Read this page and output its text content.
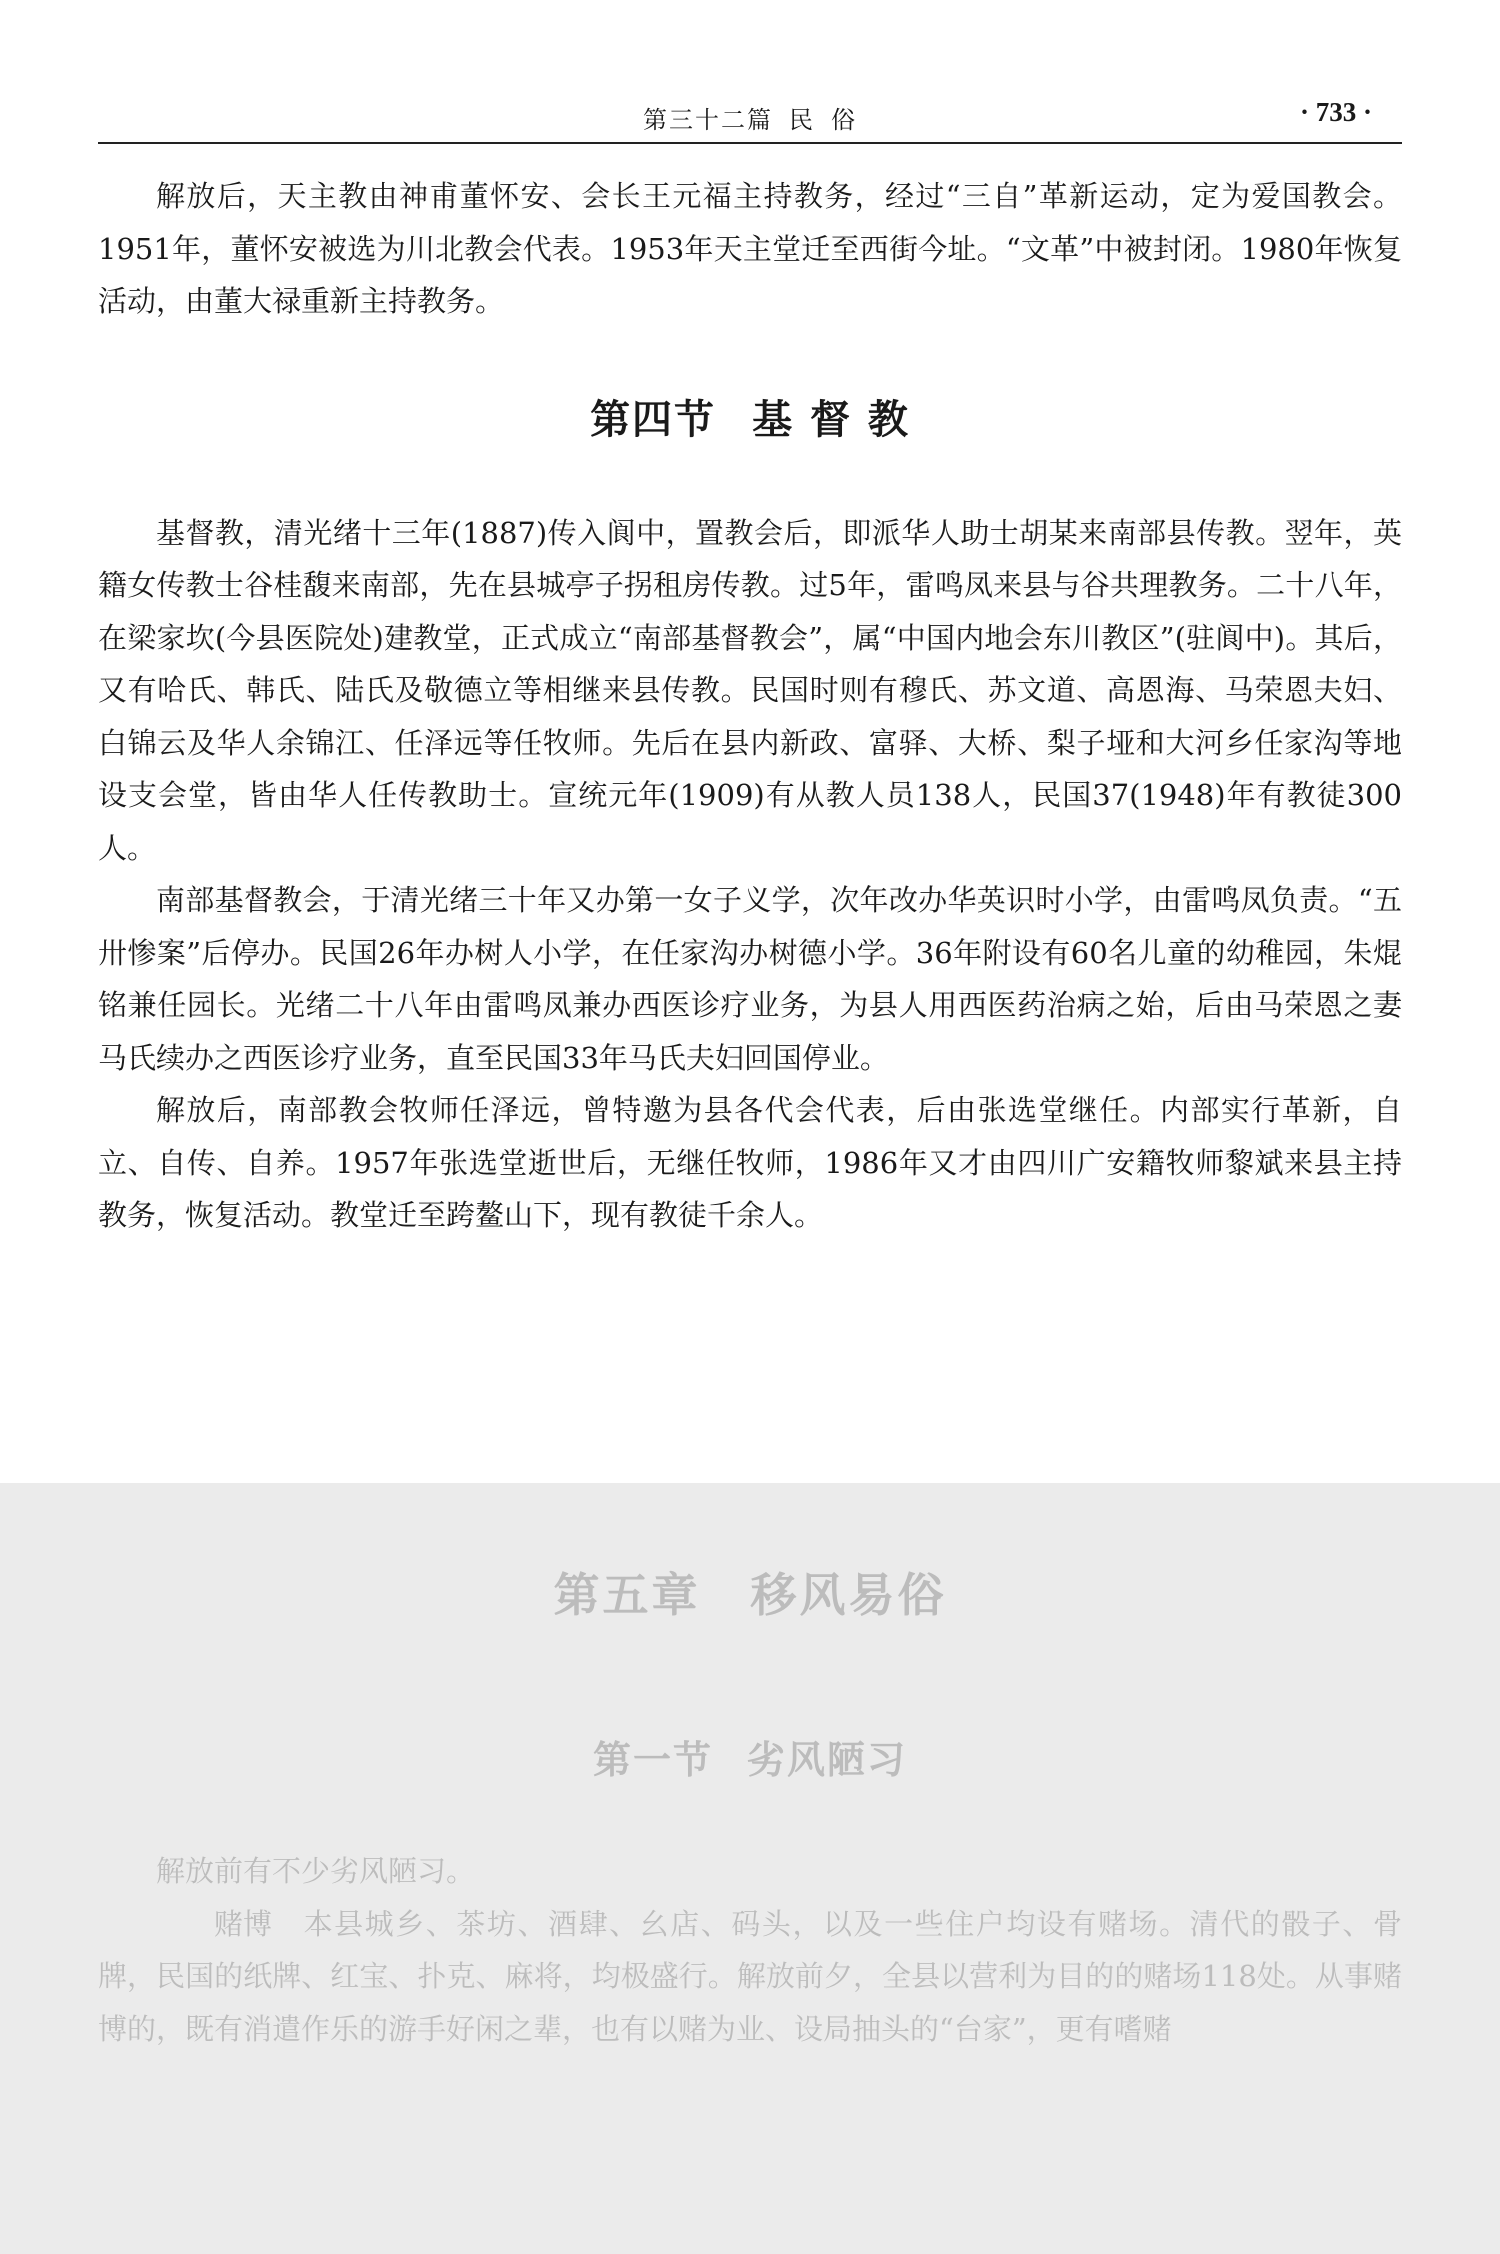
第三十二篇 民 俗	· 733 ·

解放后，天主教由神甫董怀安、会长王元福主持教务，经过“三自”革新运动，定为爱国教会。1951年，董怀安被选为川北教会代表。1953年天主堂迁至西街今址。“文革”中被封闭。1980年恢复活动，由董大禄重新主持教务。

第四节 基 督 教

基督教，清光绪十三年(1887)传入阆中，置教会后，即派华人助士胡某来南部县传教。翌年，英籍女传教士谷桂馥来南部，先在县城亭子拐租房传教。过5年，雷鸣凤来县与谷共理教务。二十八年，在梁家坎(今县医院处)建教堂，正式成立“南部基督教会”，属“中国内地会东川教区”(驻阆中)。其后，又有哈氏、韩氏、陆氏及敬德立等相继来县传教。民国时则有穆氏、苏文道、高恩海、马荣恩夫妇、白锦云及华人余锦江、任泽远等任牧师。先后在县内新政、富驿、大桥、梨子垭和大河乡任家沟等地设支会堂，皆由华人任传教助士。宣统元年(1909)有从教人员138人，民国37(1948)年有教徒300人。

南部基督教会，于清光绪三十年又办第一女子义学，次年改办华英识时小学，由雷鸣凤负责。“五卅惨案”后停办。民国26年办树人小学，在任家沟办树德小学。36年附设有60名儿童的幼稚园，朱焜铭兼任园长。光绪二十八年由雷鸣凤兼办西医诊疗业务，为县人用西医药治病之始，后由马荣恩之妻马氏续办之西医诊疗业务，直至民国33年马氏夫妇回国停业。

解放后，南部教会牧师任泽远，曾特邀为县各代会代表，后由张选堂继任。内部实行革新，自立、自传、自养。1957年张选堂逝世后，无继任牧师，1986年又才由四川广安籍牧师黎斌来县主持教务，恢复活动。教堂迁至跨鳌山下，现有教徒千余人。

第五章 移风易俗
第一节 劣风陋习

解放前有不少劣风陋习。

赌博 本县城乡、茶坊、酒肆、幺店、码头，以及一些住户均设有赌场。清代的骰子、骨牌，民国的纸牌、红宝、扑克、麻将，均极盛行。解放前夕，全县以营利为目的的赌场118处。从事赌博的，既有消遣作乐的游手好闲之辈，也有以赌为业、设局抽头的“台家”，更有嗜赌
